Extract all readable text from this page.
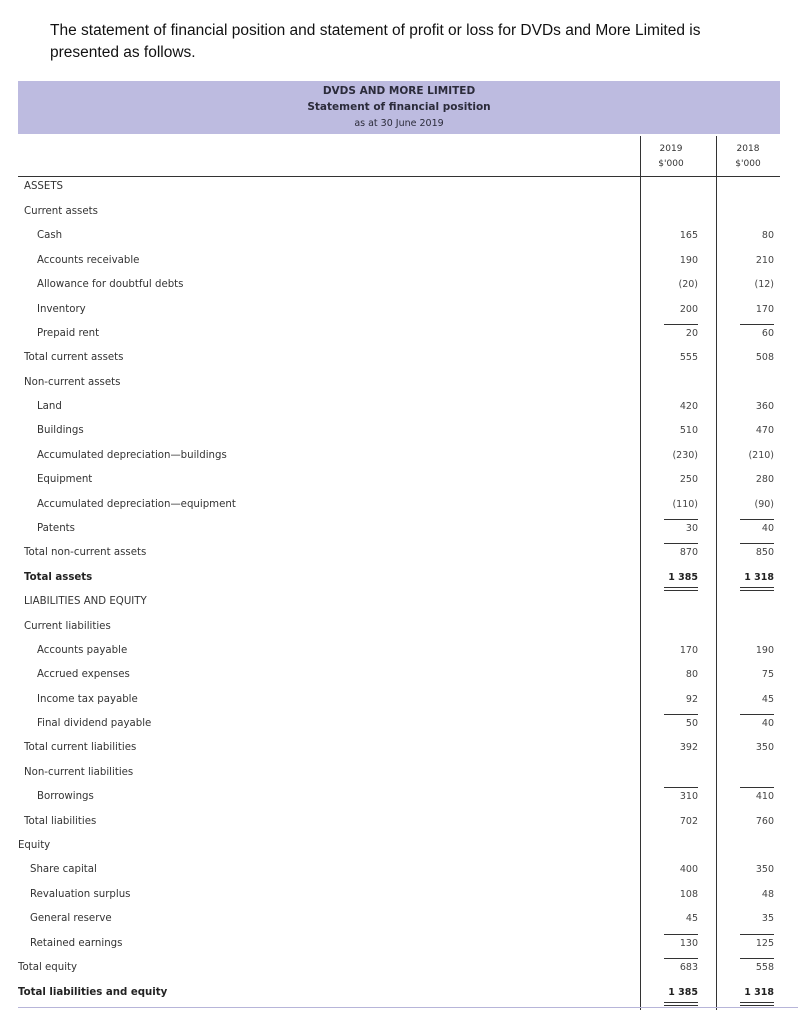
The statement of financial position and statement of profit or loss for DVDs and More Limited is presented as follows.
DVDS AND MORE LIMITED
Statement of financial position
as at 30 June 2019
2019
$'000
2018
$'000
ASSETS
Current assets
Cash	165	80
Accounts receivable	190	210
Allowance for doubtful debts	(20)	(12)
Inventory	200	170
Prepaid rent	20	60
Total current assets	555	508
Non-current assets
Land	420	360
Buildings	510	470
Accumulated depreciation—buildings	(230)	(210)
Equipment	250	280
Accumulated depreciation—equipment	(110)	(90)
Patents	30	40
Total non-current assets	870	850
Total assets	1 385	1 318
LIABILITIES AND EQUITY
Current liabilities
Accounts payable	170	190
Accrued expenses	80	75
Income tax payable	92	45
Final dividend payable	50	40
Total current liabilities	392	350
Non-current liabilities
Borrowings	310	410
Total liabilities	702	760
Equity
Share capital	400	350
Revaluation surplus	108	48
General reserve	45	35
Retained earnings	130	125
Total equity	683	558
Total liabilities and equity	1 385	1 318
